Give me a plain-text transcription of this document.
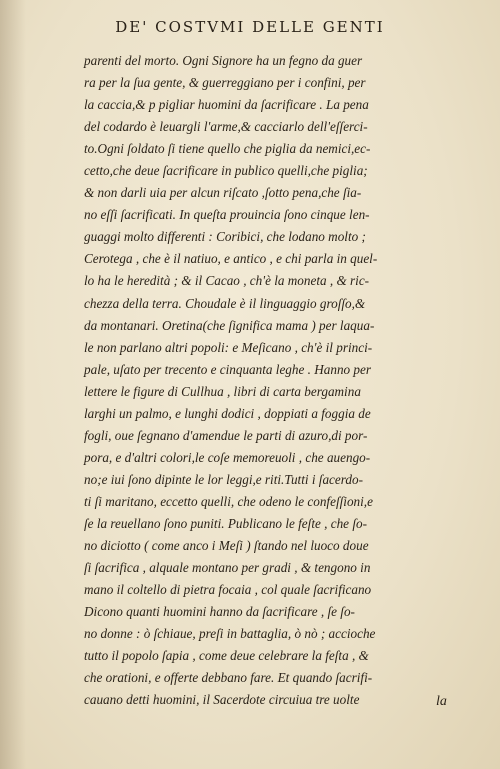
DE' COSTVMI DELLE GENTI
parenti del morto. Ogni Signore ha un fegno da guer
ra per la ſua gente, & guerreggiano per i confini, per
la caccia,& p pigliar huomini da ſacrificare . La pena
del codardo è leuargli l'arme,& cacciarlo dell'eſſerci-
to.Ogni ſoldato ſi tiene quello che piglia da nemici,ec-
cetto,che deue ſacrificare in publico quelli,che piglia;
& non darli uia per alcun riſcato ,ſotto pena,che ſia-
no eſſi ſacrificati. In queſta prouincia ſono cinque len-
guaggi molto differenti : Coribici, che lodano molto ;
Cerotega , che è il natiuo, e antico , e chi parla in quel-
lo ha le heredità ; & il Cacao , ch'è la moneta , & ric-
chezza della terra. Choudale è il linguaggio groſſo,&
da montanari. Oretina(che ſignifica mama ) per laqua-
le non parlano altri popoli: e Meſicano , ch'è il princi-
pale, uſato per trecento e cinquanta leghe . Hanno per
lettere le figure di Cullhua , libri di carta bergamina
larghi un palmo, e lunghi dodici , doppiati a foggia de
fogli, oue ſegnano d'amendue le parti di azuro,di por-
pora, e d'altri colori,le coſe memoreuoli , che auengo-
no;e iui ſono dipinte le lor leggi,e riti.Tutti i ſacerdo-
ti ſi maritano, eccetto quelli, che odeno le confeſſioni,e
ſe la reuellano ſono puniti. Publicano le feſte , che ſo-
no diciotto ( come anco i Meſi ) ſtando nel luoco doue
ſi ſacrifica , alquale montano per gradi , & tengono in
mano il coltello di pietra focaia , col quale ſacrificano
Dicono quanti huomini hanno da ſacrificare , ſe ſo-
no donne : ò ſchiaue, preſi in battaglia, ò nò ; accioche
tutto il popolo ſapia , come deue celebrare la feſta , &
che orationi, e offerte debbano fare. Et quando ſacrifi-
cauano detti huomini, il Sacerdote circuiua tre uolte	la
